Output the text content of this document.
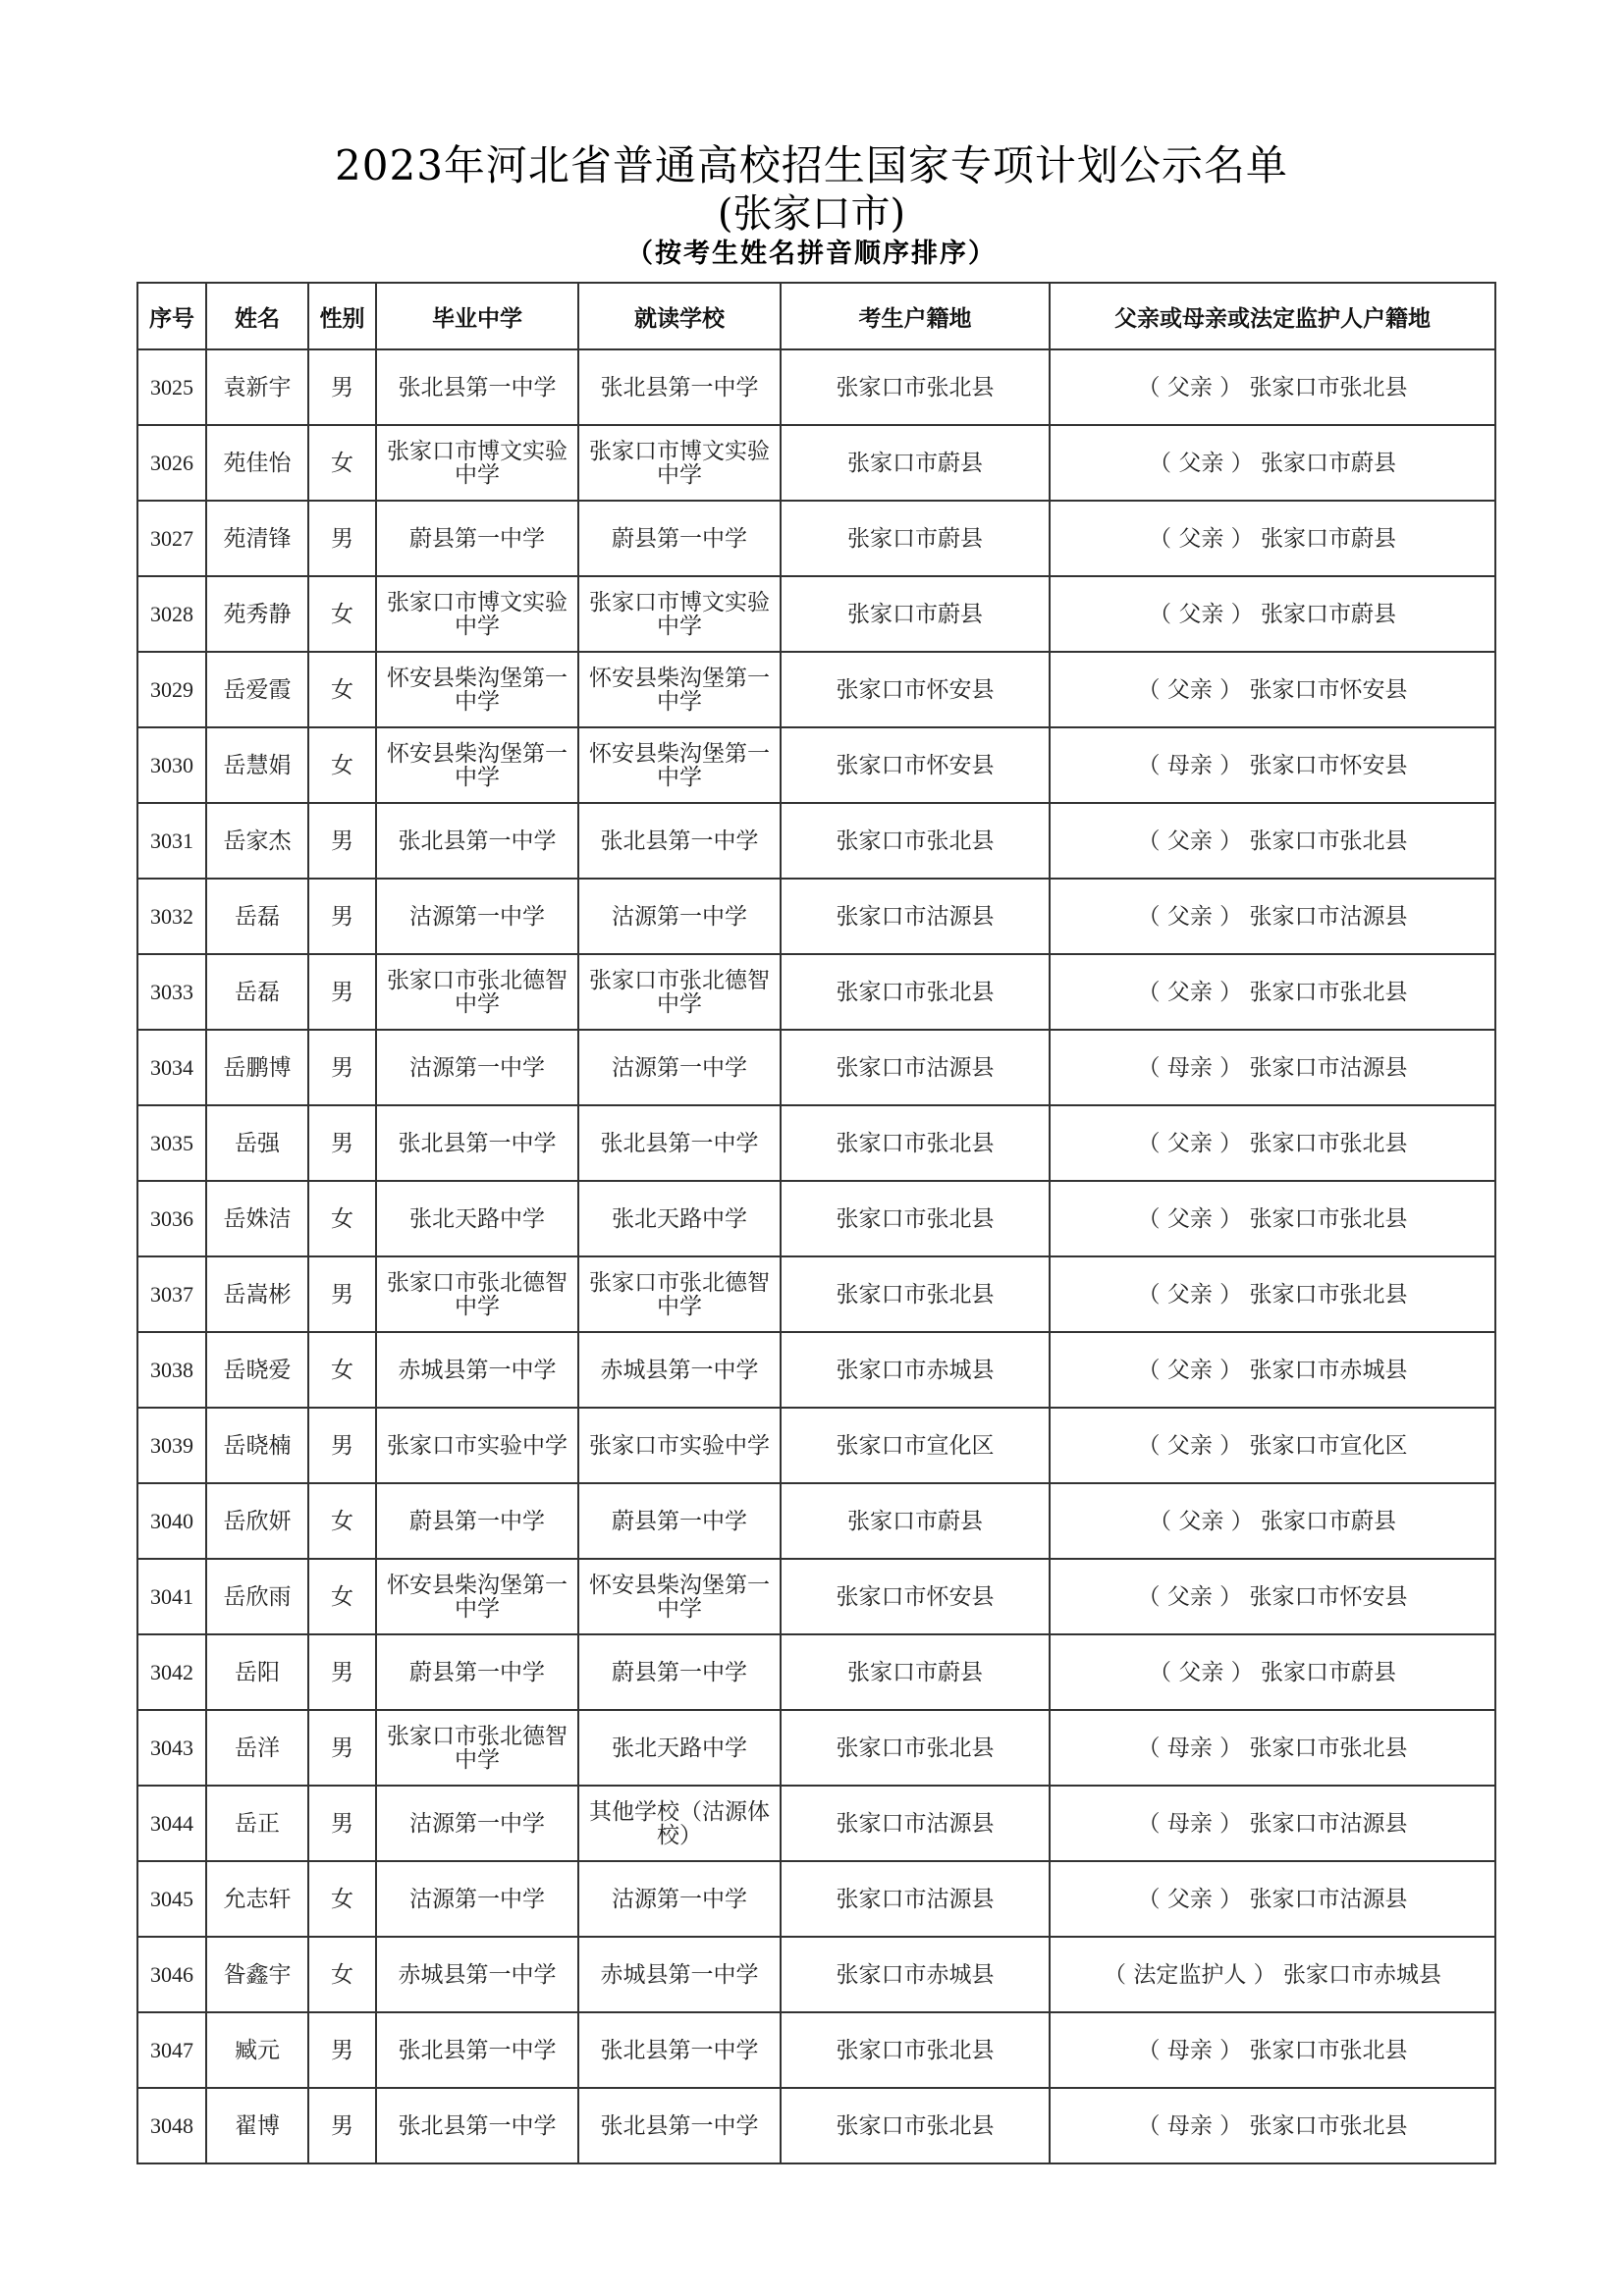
2023年河北省普通高校招生国家专项计划公示名单
(张家口市)
（按考生姓名拼音顺序排序）
序号	姓名	性别	毕业中学	就读学校	考生户籍地	父亲或母亲或法定监护人户籍地
3025	袁新宇	男	张北县第一中学	张北县第一中学	张家口市张北县	（ 父亲 ） 张家口市张北县
3026	苑佳怡	女	张家口市博文实验中学	张家口市博文实验中学	张家口市蔚县	（ 父亲 ） 张家口市蔚县
3027	苑清锋	男	蔚县第一中学	蔚县第一中学	张家口市蔚县	（ 父亲 ） 张家口市蔚县
3028	苑秀静	女	张家口市博文实验中学	张家口市博文实验中学	张家口市蔚县	（ 父亲 ） 张家口市蔚县
3029	岳爱霞	女	怀安县柴沟堡第一中学	怀安县柴沟堡第一中学	张家口市怀安县	（ 父亲 ） 张家口市怀安县
3030	岳慧娟	女	怀安县柴沟堡第一中学	怀安县柴沟堡第一中学	张家口市怀安县	（ 母亲 ） 张家口市怀安县
3031	岳家杰	男	张北县第一中学	张北县第一中学	张家口市张北县	（ 父亲 ） 张家口市张北县
3032	岳磊	男	沽源第一中学	沽源第一中学	张家口市沽源县	（ 父亲 ） 张家口市沽源县
3033	岳磊	男	张家口市张北德智中学	张家口市张北德智中学	张家口市张北县	（ 父亲 ） 张家口市张北县
3034	岳鹏博	男	沽源第一中学	沽源第一中学	张家口市沽源县	（ 母亲 ） 张家口市沽源县
3035	岳强	男	张北县第一中学	张北县第一中学	张家口市张北县	（ 父亲 ） 张家口市张北县
3036	岳姝洁	女	张北天路中学	张北天路中学	张家口市张北县	（ 父亲 ） 张家口市张北县
3037	岳嵩彬	男	张家口市张北德智中学	张家口市张北德智中学	张家口市张北县	（ 父亲 ） 张家口市张北县
3038	岳晓爱	女	赤城县第一中学	赤城县第一中学	张家口市赤城县	（ 父亲 ） 张家口市赤城县
3039	岳晓楠	男	张家口市实验中学	张家口市实验中学	张家口市宣化区	（ 父亲 ） 张家口市宣化区
3040	岳欣妍	女	蔚县第一中学	蔚县第一中学	张家口市蔚县	（ 父亲 ） 张家口市蔚县
3041	岳欣雨	女	怀安县柴沟堡第一中学	怀安县柴沟堡第一中学	张家口市怀安县	（ 父亲 ） 张家口市怀安县
3042	岳阳	男	蔚县第一中学	蔚县第一中学	张家口市蔚县	（ 父亲 ） 张家口市蔚县
3043	岳洋	男	张家口市张北德智中学	张北天路中学	张家口市张北县	（ 母亲 ） 张家口市张北县
3044	岳正	男	沽源第一中学	其他学校（沽源体校）	张家口市沽源县	（ 母亲 ） 张家口市沽源县
3045	允志轩	女	沽源第一中学	沽源第一中学	张家口市沽源县	（ 父亲 ） 张家口市沽源县
3046	昝鑫宇	女	赤城县第一中学	赤城县第一中学	张家口市赤城县	（ 法定监护人 ） 张家口市赤城县
3047	臧元	男	张北县第一中学	张北县第一中学	张家口市张北县	（ 母亲 ） 张家口市张北县
3048	翟博	男	张北县第一中学	张北县第一中学	张家口市张北县	（ 母亲 ） 张家口市张北县
